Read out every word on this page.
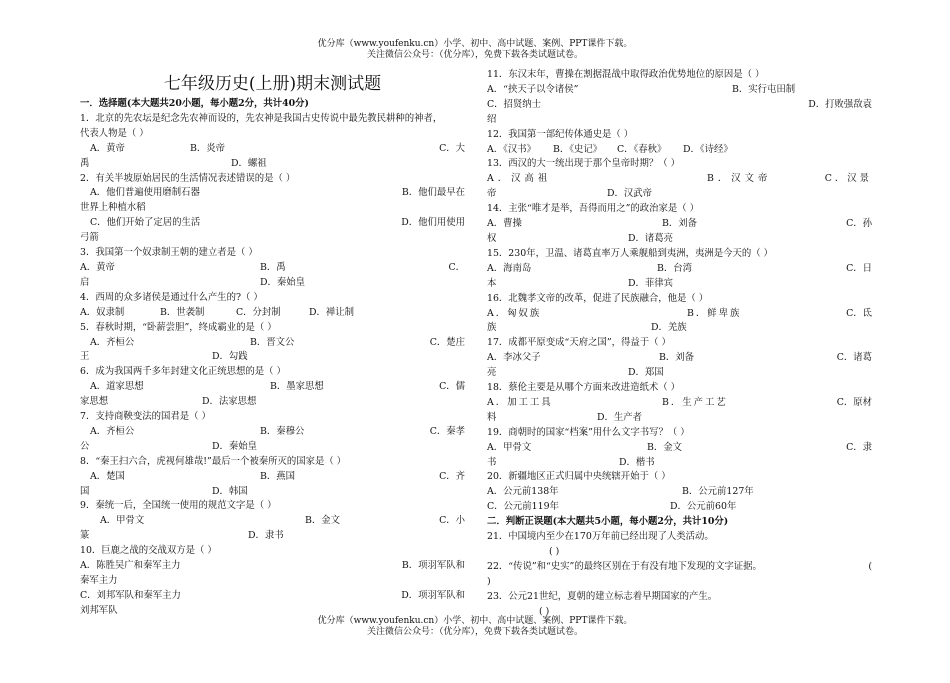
优分库（www.youfenku.cn）小学、初中、高中试题、案例、PPT课件下载。
关注微信公众号：（优分库），免费下载各类试题试卷。
七年级历史(上册)期末测试题
一．选择题(本大题共20小题，每小题2分，共计40分)
1．北京的先农坛是纪念先农神而设的，先农神是我国古史传说中最先教民耕种的神者，
代表人物是（ ）
A．黄帝	B．炎帝	C．大
禹	D．螺祖
2．有关半坡原始居民的生活情况表述错误的是（ ）
A．他们普遍使用磨制石器	B．他们最早在
世界上种植水稻
C．他们开始了定居的生活	D．他们用使用
弓箭
3．我国第一个奴隶制王朝的建立者是（ ）
A．黄帝	B．禹	C．
启	D．秦始皇
4．西周的众多诸侯是通过什么产生的?（ ）
A．奴隶制	B．世袭制	C．分封制	D．禅让制
5．春秋时期，“卧薪尝胆”，终成霸业的是（ ）
A．齐桓公	B．晋文公	C．楚庄
王	D．勾践
6．成为我国两千多年封建文化正统思想的是（ ）
A．道家思想	B．墨家思想	C．儒
家思想	D．法家思想
7．支持商鞅变法的国君是（ ）
A．齐桓公	B．秦穆公	C．秦孝
公	D．秦始皇
8．“秦王扫六合，虎视何雄哉!”最后一个被秦所灭的国家是（ ）
A．楚国	B．燕国	C．齐
国	D．韩国
9．秦统一后，全国统一使用的规范文字是（ ）
A．甲骨文	B．金文	C．小
篆	D．隶书
10．巨鹿之战的交战双方是（ ）
A．陈胜吴广和秦军主力	B．项羽军队和
秦军主力
C．刘邦军队和秦军主力	D．项羽军队和
刘邦军队
11．东汉末年，曹操在割据混战中取得政治优势地位的原因是（ ）
A．“挟天子以令诸侯”	B．实行屯田制
C．招贤纳士	D．打败强敌袁
绍
12．我国第一部纪传体通史是（ ）
A．《汉书》 B．《史记》 C．《春秋》 D．《诗经》
13．西汉的大一统出现于那个皇帝时期？（ ）
A．汉高祖	B．汉文帝	C．汉景
帝	D．汉武帝
14．主张“唯才是举，吾得而用之”的政治家是（ ）
A．曹操	B．刘备	C．孙
权	D．诸葛亮
15．230年，卫温、诸葛直率万人乘舰船到夷洲，夷洲是今天的（ ）
A．海南岛	B．台湾	C．日
本	D．菲律宾
16．北魏孝文帝的改革，促进了民族融合，他是（ ）
A．匈奴族	B．鲜卑族	C．氐
族	D．羌族
17．成都平原变成“天府之国”，得益于（ ）
A．李冰父子	B．刘备	C．诸葛
亮	D．郑国
18．蔡伦主要是从哪个方面来改进造纸术（ ）
A．加工工具	B．生产工艺	C．原材
料	D．生产者
19．商朝时的国家“档案”用什么文字书写？（ ）
A．甲骨文	B．金文	C．隶
书	D．楷书
20．新疆地区正式归属中央统辖开始于（ ）
A．公元前138年	B．公元前127年
C．公元前119年	D．公元前60年
二．判断正误题(本大题共5小题，每小题2分，共计10分)
21．中国境内至少在170万年前已经出现了人类活动。
( )
22．“传说”和“史实”的最终区别在于有没有地下发现的文字证据。	(
)
23．公元21世纪，夏朝的建立标志着早期国家的产生。
( )
优分库（www.youfenku.cn）小学、初中、高中试题、案例、PPT课件下载。
关注微信公众号：（优分库），免费下载各类试题试卷。
